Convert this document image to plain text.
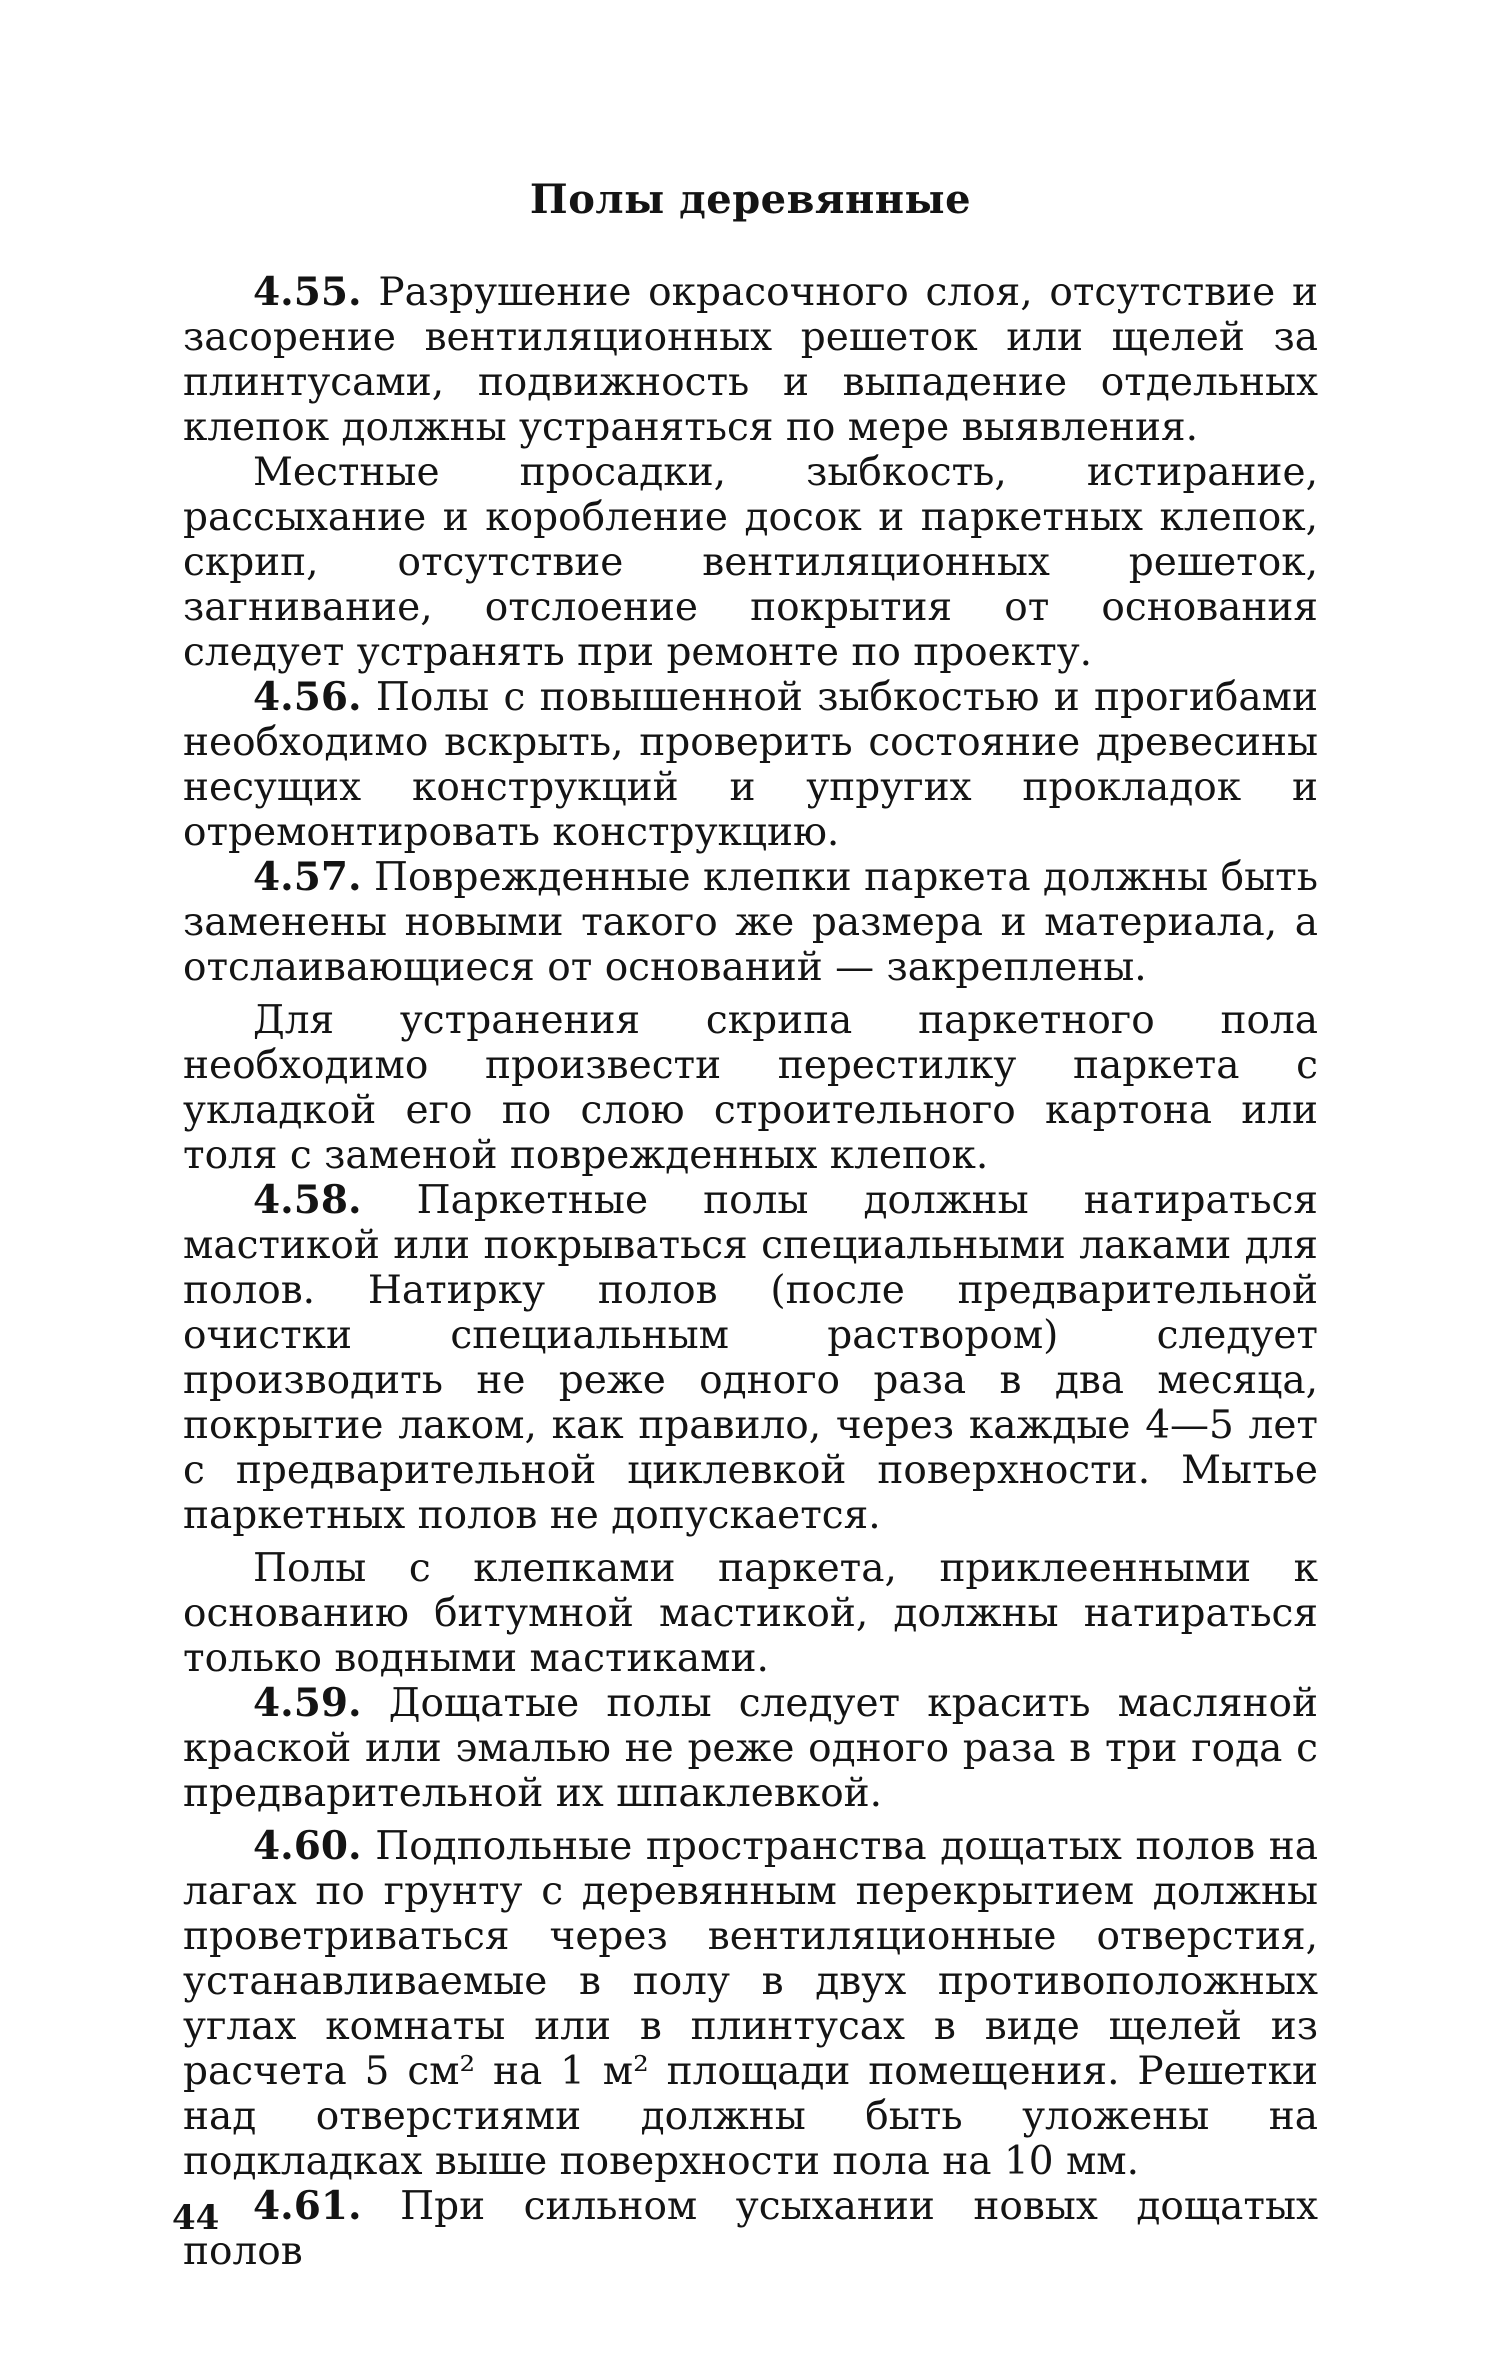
Полы деревянные

4.55. Разрушение окрасочного слоя, отсутствие и засорение вентиляционных решеток или щелей за плинтусами, подвижность и выпадение отдельных клепок должны устраняться по мере выявления.

Местные просадки, зыбкость, истирание, рассыхание и коробление досок и паркетных клепок, скрип, отсутствие вентиляционных решеток, загнивание, отслоение покрытия от основания следует устранять при ремонте по проекту.

4.56. Полы с повышенной зыбкостью и прогибами необходимо вскрыть, проверить состояние древесины несущих конструкций и упругих прокладок и отремонтировать конструкцию.

4.57. Поврежденные клепки паркета должны быть заменены новыми такого же размера и материала, а отслаивающиеся от оснований — закреплены.

Для устранения скрипа паркетного пола необходимо произвести перестилку паркета с укладкой его по слою строительного картона или толя с заменой поврежденных клепок.

4.58. Паркетные полы должны натираться мастикой или покрываться специальными лаками для полов. Натирку полов (после предварительной очистки специальным раствором) следует производить не реже одного раза в два месяца, покрытие лаком, как правило, через каждые 4—5 лет с предварительной циклевкой поверхности. Мытье паркетных полов не допускается.

Полы с клепками паркета, приклеенными к основанию битумной мастикой, должны натираться только водными мастиками.

4.59. Дощатые полы следует красить масляной краской или эмалью не реже одного раза в три года с предварительной их шпаклевкой.

4.60. Подпольные пространства дощатых полов на лагах по грунту с деревянным перекрытием должны проветриваться через вентиляционные отверстия, устанавливаемые в полу в двух противоположных углах комнаты или в плинтусах в виде щелей из расчета 5 см² на 1 м² площади помещения. Решетки над отверстиями должны быть уложены на подкладках выше поверхности пола на 10 мм.

4.61. При сильном усыхании новых дощатых полов

44
